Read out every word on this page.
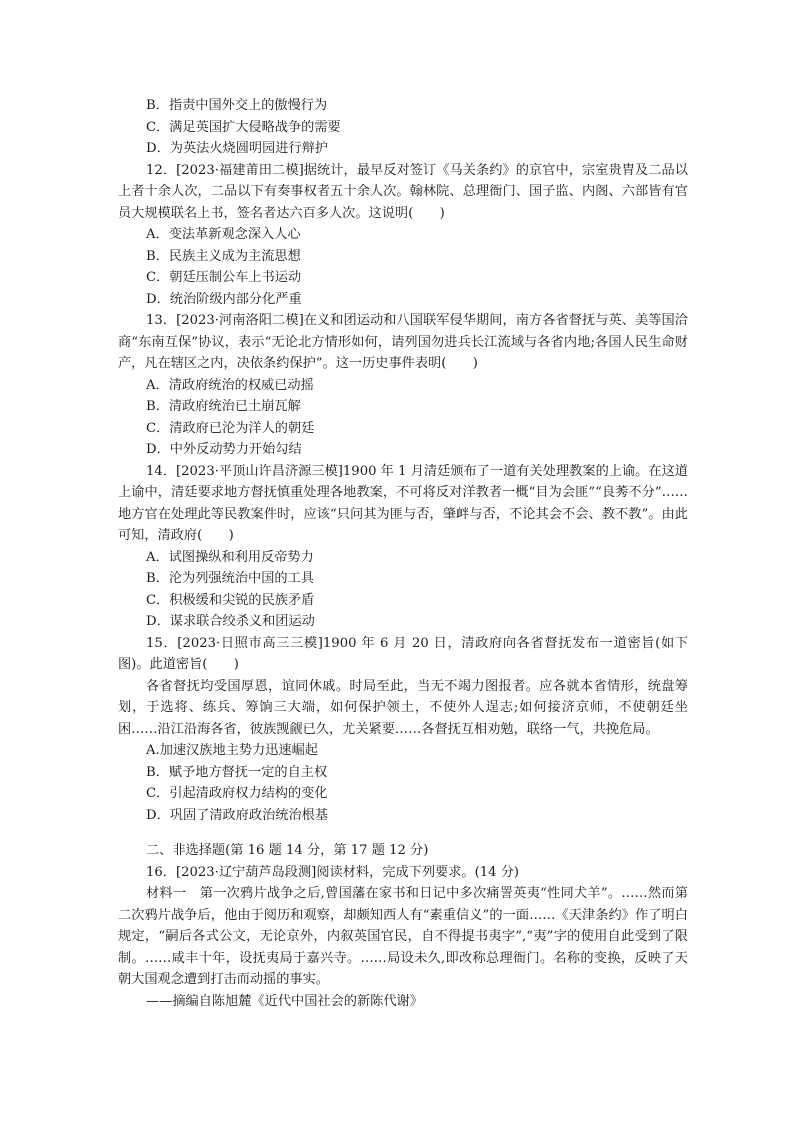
B．指责中国外交上的傲慢行为
C．满足英国扩大侵略战争的需要
D．为英法火烧圆明园进行辩护
12．[2023·福建莆田二模]据统计，最早反对签订《马关条约》的京官中，宗室贵胄及二品以上者十余人次，二品以下有奏事权者五十余人次。翰林院、总理衙门、国子监、内阁、六部皆有官员大规模联名上书，签名者达六百多人次。这说明(　　)
A．变法革新观念深入人心
B．民族主义成为主流思想
C．朝廷压制公车上书运动
D．统治阶级内部分化严重
13．[2023·河南洛阳二模]在义和团运动和八国联军侵华期间，南方各省督抚与英、美等国洽商“东南互保”协议，表示“无论北方情形如何，请列国勿进兵长江流域与各省内地;各国人民生命财产，凡在辖区之内，决依条约保护”。这一历史事件表明(　　)
A．清政府统治的权威已动摇
B．清政府统治已土崩瓦解
C．清政府已沦为洋人的朝廷
D．中外反动势力开始勾结
14．[2023·平顶山许昌济源三模]1900 年 1 月清廷颁布了一道有关处理教案的上谕。在这道上谕中，清廷要求地方督抚慎重处理各地教案，不可将反对洋教者一概“目为会匪”“良莠不分”……地方官在处理此等民教案件时，应该“只问其为匪与否，肇衅与否，不论其会不会、教不教”。由此可知，清政府(　　)
A．试图操纵和利用反帝势力
B．沦为列强统治中国的工具
C．积极缓和尖锐的民族矛盾
D．谋求联合绞杀义和团运动
15．[2023·日照市高三三模]1900 年 6 月 20 日，清政府向各省督抚发布一道密旨(如下图)。此道密旨(　　)
各省督抚均受国厚恩，谊同休戚。时局至此，当无不竭力图报者。应各就本省情形，统盘筹划，于选将、练兵、筹饷三大端，如何保护领土，不使外人逞志;如何接济京师，不使朝廷坐困……沿江沿海各省，彼族觊觎已久，尤关紧要……各督抚互相劝勉，联络一气，共挽危局。
A.加速汉族地主势力迅速崛起
B．赋予地方督抚一定的自主权
C．引起清政府权力结构的变化
D．巩固了清政府政治统治根基
二、非选择题(第 16 题 14 分，第 17 题 12 分)
16．[2023·辽宁葫芦岛段测]阅读材料，完成下列要求。(14 分)
材料一　第一次鸦片战争之后,曾国藩在家书和日记中多次痛詈英夷“性同犬羊”。……然而第二次鸦片战争后，他由于阅历和观察，却颇知西人有“素重信义”的一面……《天津条约》作了明白规定，“嗣后各式公文，无论京外，内叙英国官民，自不得提书夷字”,“夷”字的使用自此受到了限制。……咸丰十年，设抚夷局于嘉兴寺。……局设未久,即改称总理衙门。名称的变换，反映了天朝大国观念遭到打击而动摇的事实。
——摘编自陈旭麓《近代中国社会的新陈代谢》
